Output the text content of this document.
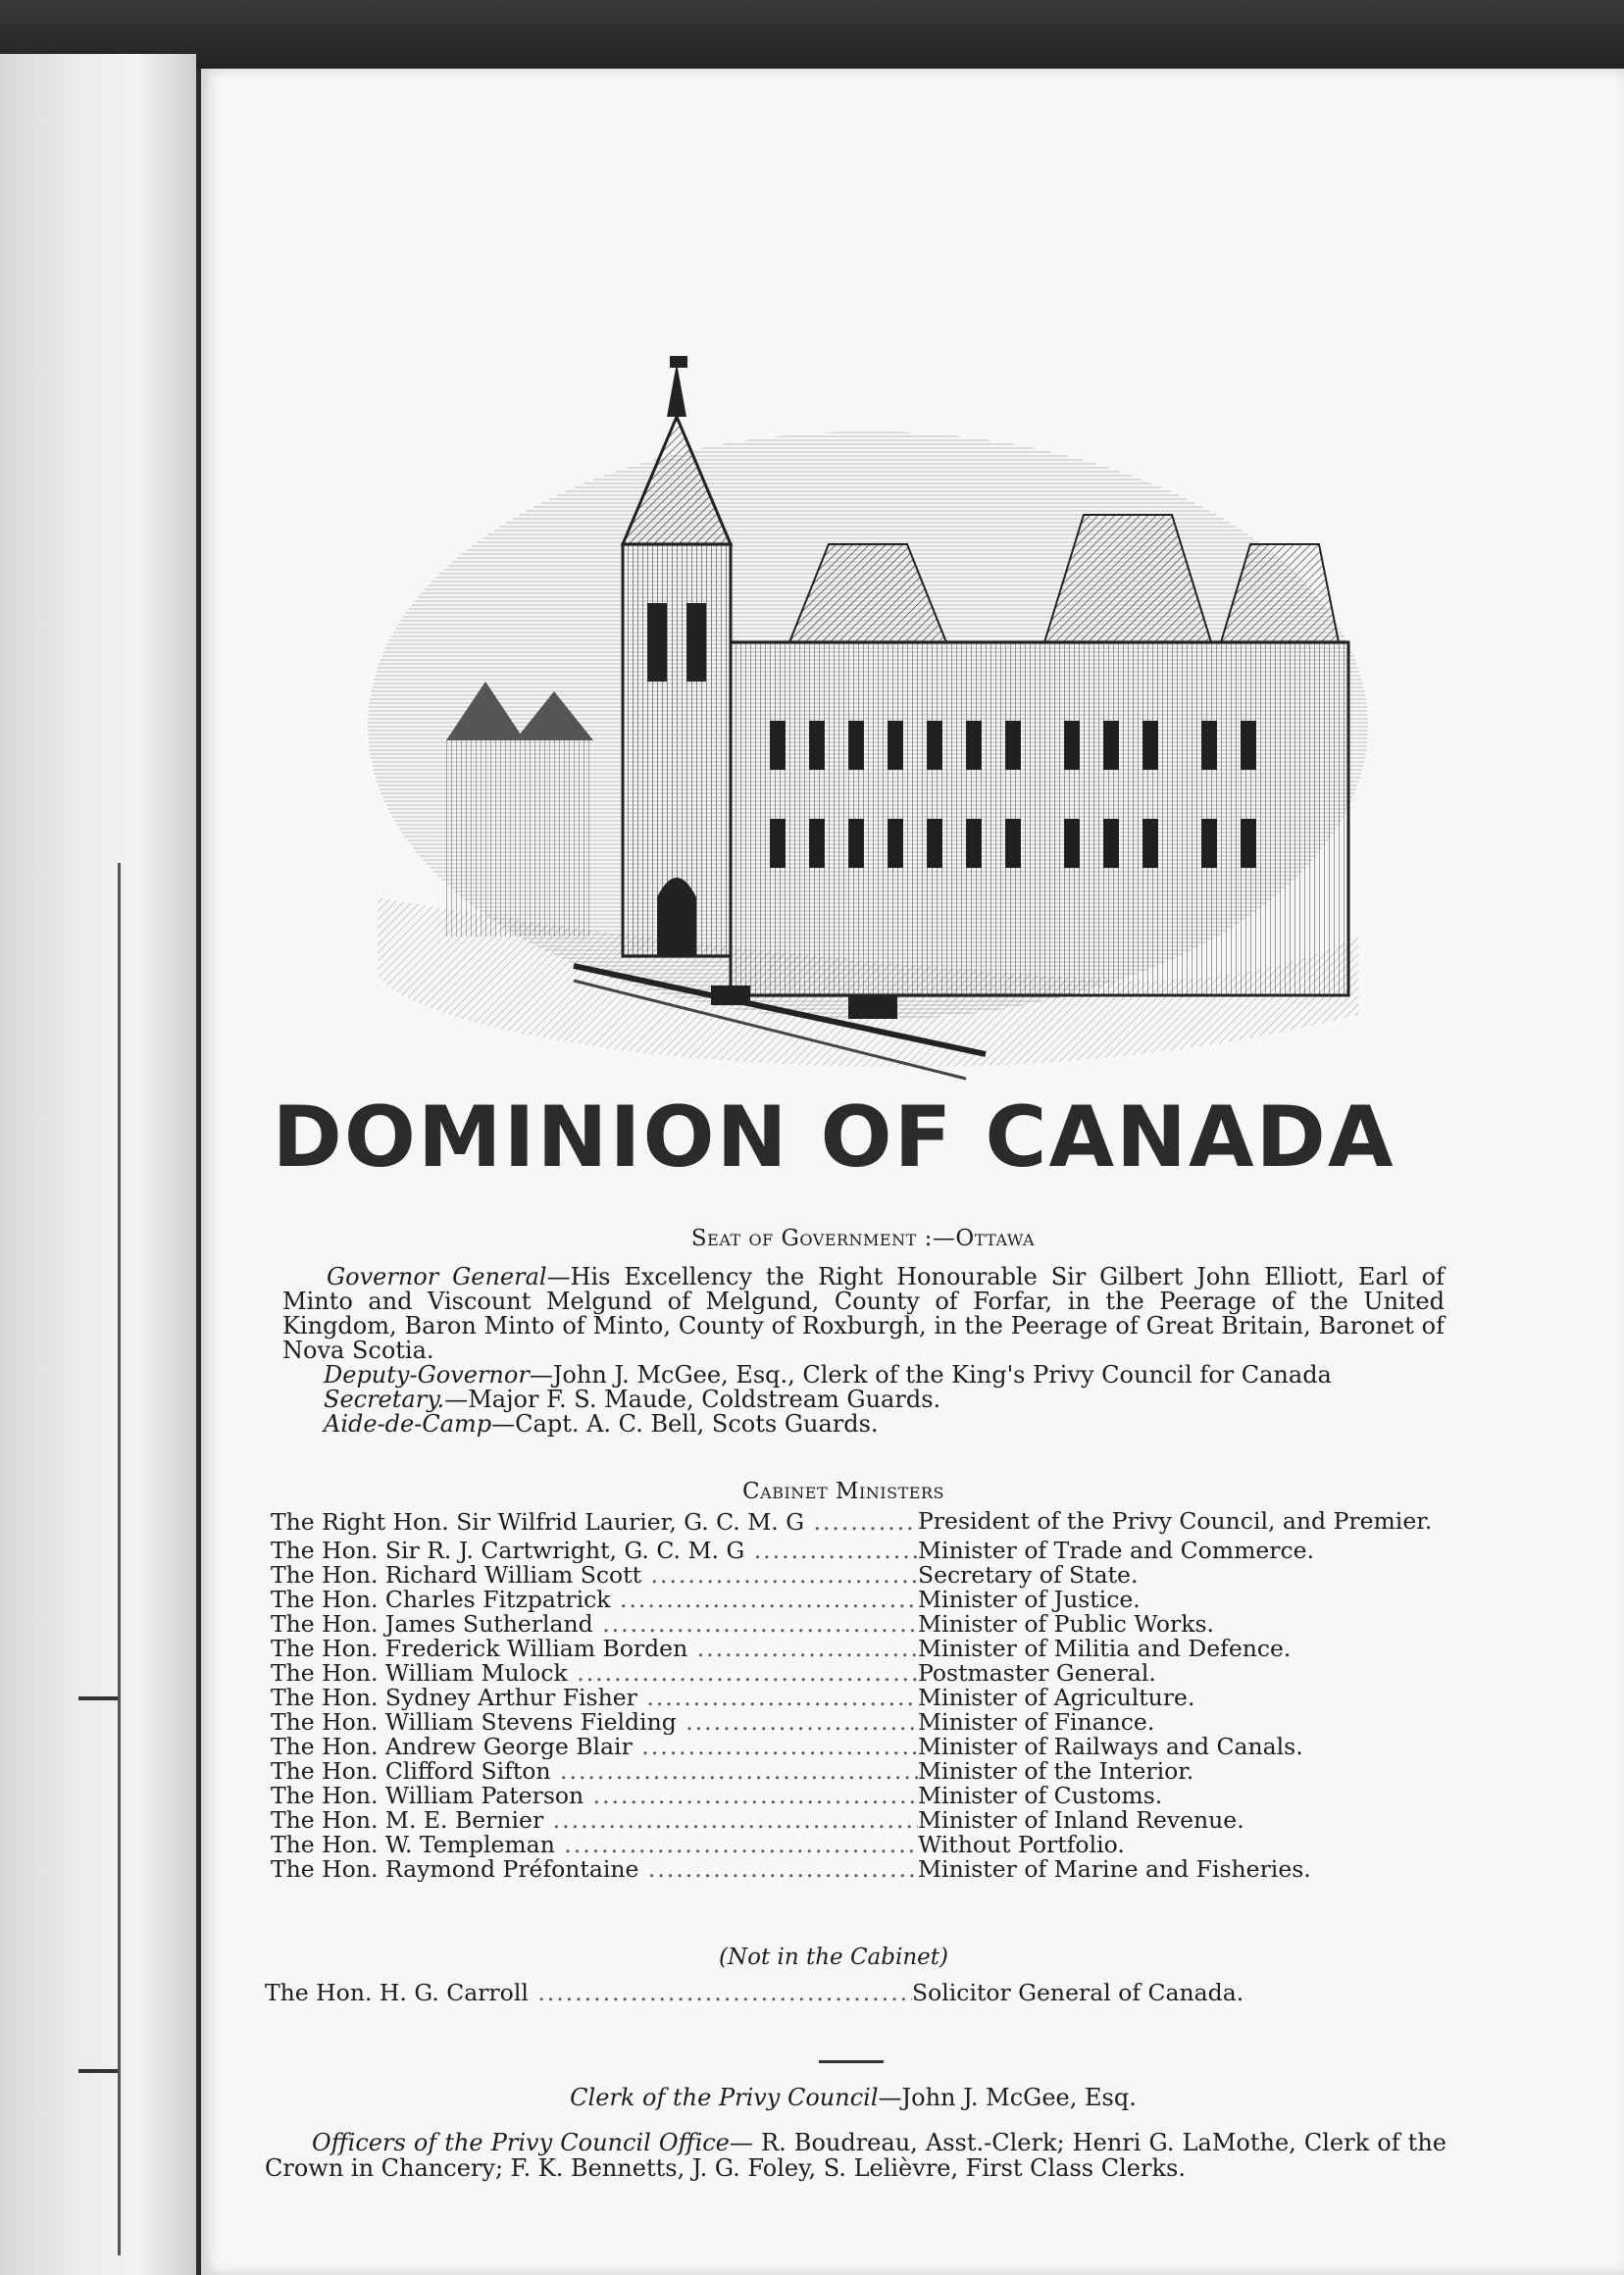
DOMINION OF CANADA
Seat of Government :—Ottawa

Governor General—His Excellency the Right Honourable Sir Gilbert John Elliott, Earl of Minto and Viscount Melgund of Melgund, County of Forfar, in the Peerage of the United Kingdom, Baron Minto of Minto, County of Roxburgh, in the Peerage of Great Britain, Baronet of Nova Scotia.

Deputy-Governor—John J. McGee, Esq., Clerk of the King's Privy Council for Canada

Secretary.—Major F. S. Maude, Coldstream Guards.

Aide-de-Camp—Capt. A. C. Bell, Scots Guards.

Cabinet Ministers
The Right Hon. Sir Wilfrid Laurier, G. C. M. G .....	President of the Privy Council, and Premier.
The Hon. Sir R. J. Cartwright, G. C. M. G .....	Minister of Trade and Commerce.
The Hon. Richard William Scott .....	Secretary of State.
The Hon. Charles Fitzpatrick .....	Minister of Justice.
The Hon. James Sutherland .....	Minister of Public Works.
The Hon. Frederick William Borden .....	Minister of Militia and Defence.
The Hon. William Mulock .....	Postmaster General.
The Hon. Sydney Arthur Fisher .....	Minister of Agriculture.
The Hon. William Stevens Fielding .....	Minister of Finance.
The Hon. Andrew George Blair .....	Minister of Railways and Canals.
The Hon. Clifford Sifton .....	Minister of the Interior.
The Hon. William Paterson .....	Minister of Customs.
The Hon. M. E. Bernier .....	Minister of Inland Revenue.
The Hon. W. Templeman .....	Without Portfolio.
The Hon. Raymond Préfontaine .....	Minister of Marine and Fisheries.
(Not in the Cabinet)
The Hon. H. G. Carroll .....	Solicitor General of Canada.
Clerk of the Privy Council—John J. McGee, Esq.

Officers of the Privy Council Office— R. Boudreau, Asst.-Clerk; Henri G. LaMothe, Clerk of the Crown in Chancery; F. K. Bennetts, J. G. Foley, S. Lelièvre, First Class Clerks.
